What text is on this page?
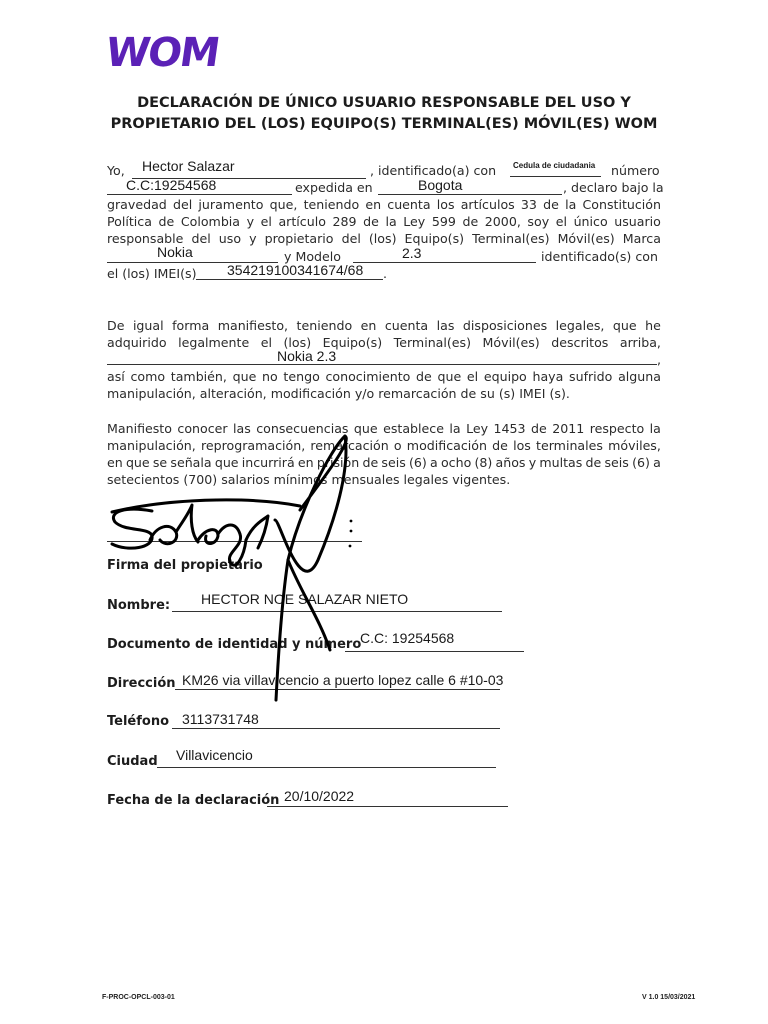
WOM
DECLARACIÓN DE ÚNICO USUARIO RESPONSABLE DEL USO Y
PROPIETARIO DEL (LOS) EQUIPO(S) TERMINAL(ES) MÓVIL(ES) WOM
Yo, Hector Salazar	, identificado(a) con Cedula de ciudadania número
C.C:19254568	expedida en	Bogota	, declaro bajo la
gravedad del juramento que, teniendo en cuenta los artículos 33 de la Constitución
Política de Colombia y el artículo 289 de la Ley 599 de 2000, soy el único usuario
responsable del uso y propietario del (los) Equipo(s) Terminal(es) Móvil(es) Marca
Nokia	y Modelo	2.3	identificado(s) con
el (los) IMEI(s) 354219100341674/68 .
De igual forma manifiesto, teniendo en cuenta las disposiciones legales, que he
adquirido legalmente el (los) Equipo(s) Terminal(es) Móvil(es) descritos arriba,
Nokia 2.3	,
así como también, que no tengo conocimiento de que el equipo haya sufrido alguna
manipulación, alteración, modificación y/o remarcación de su (s) IMEI (s).
Manifiesto conocer las consecuencias que establece la Ley 1453 de 2011 respecto la
manipulación, reprogramación, remarcación o modificación de los terminales móviles,
en que se señala que incurrirá en prisión de seis (6) a ocho (8) años y multas de seis (6) a
setecientos (700) salarios mínimos mensuales legales vigentes.
Firma del propietario
Nombre: HECTOR NOE SALAZAR NIETO
Documento de identidad y número
C.C: 19254568
Dirección KM26 via villavicencio a puerto lopez calle 6 #10-03
Teléfono 3113731748
Ciudad Villavicencio
Fecha de la declaración 20/10/2022
F-PROC-OPCL-003-01	V 1.0 15/03/2021
